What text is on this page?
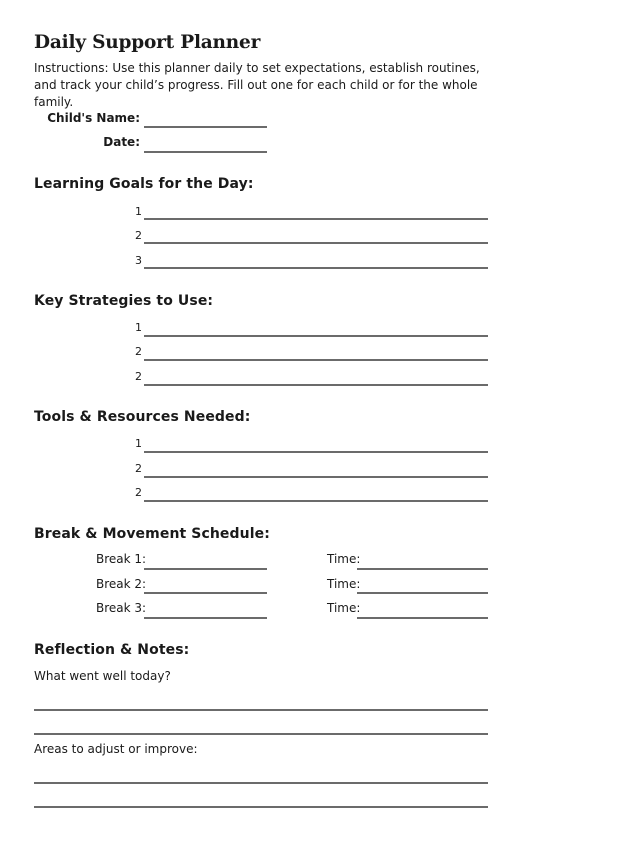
Daily Support Planner
Instructions: Use this planner daily to set expectations, establish routines, and track your child’s progress. Fill out one for each child or for the whole family.
Child's Name:
Date:
Learning Goals for the Day:
1
2
3
Key Strategies to Use:
1
2
2
Tools & Resources Needed:
1
2
2
Break & Movement Schedule:
Break 1:	Time:
Break 2:	Time:
Break 3:	Time:
Reflection & Notes:
What went well today?
Areas to adjust or improve:
